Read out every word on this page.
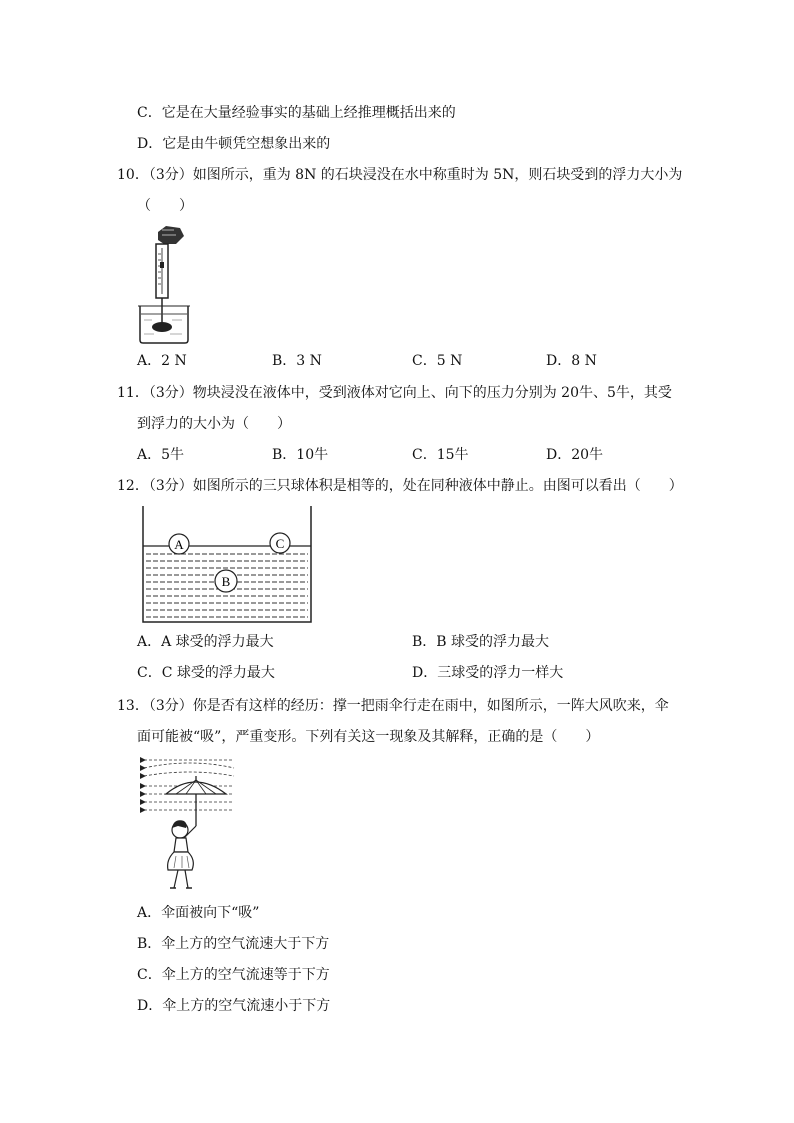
C．它是在大量经验事实的基础上经推理概括出来的
D．它是由牛顿凭空想象出来的
10．（3分）如图所示，重为 8N 的石块浸没在水中称重时为 5N，则石块受到的浮力大小为
（　　）
A．2 N	B．3 N	C．5 N	D．8 N
11．（3分）物块浸没在液体中，受到液体对它向上、向下的压力分别为 20牛、5牛，其受
到浮力的大小为（　　）
A．5牛	B．10牛	C．15牛	D．20牛
12．（3分）如图所示的三只球体积是相等的，处在同种液体中静止。由图可以看出（　　）
A	C
B
A．A 球受的浮力最大	B．B 球受的浮力最大
C．C 球受的浮力最大	D．三球受的浮力一样大
13．（3分）你是否有这样的经历：撑一把雨伞行走在雨中，如图所示，一阵大风吹来，伞
面可能被“吸”，严重变形。下列有关这一现象及其解释，正确的是（　　）
A．伞面被向下“吸”
B．伞上方的空气流速大于下方
C．伞上方的空气流速等于下方
D．伞上方的空气流速小于下方
